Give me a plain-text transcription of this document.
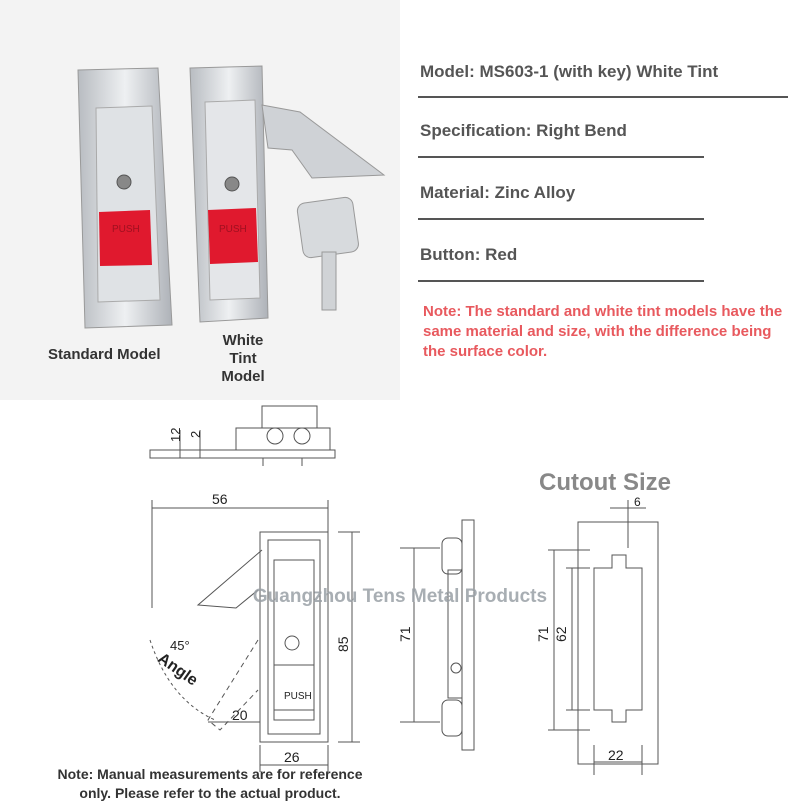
PUSH	PUSH
Standard Model
White
Tint
Model
Model: MS603-1 (with key) White Tint
Specification: Right Bend
Material: Zinc Alloy
Button: Red
Note: The standard and white tint models have the same material and size, with the difference being the surface color.
56
85
26
20
45°
Angle
PUSH
71
12 2
71 62
22
6
Cutout Size
Guangzhou Tens Metal Products
Note: Manual measurements are for reference
only. Please refer to the actual product.
